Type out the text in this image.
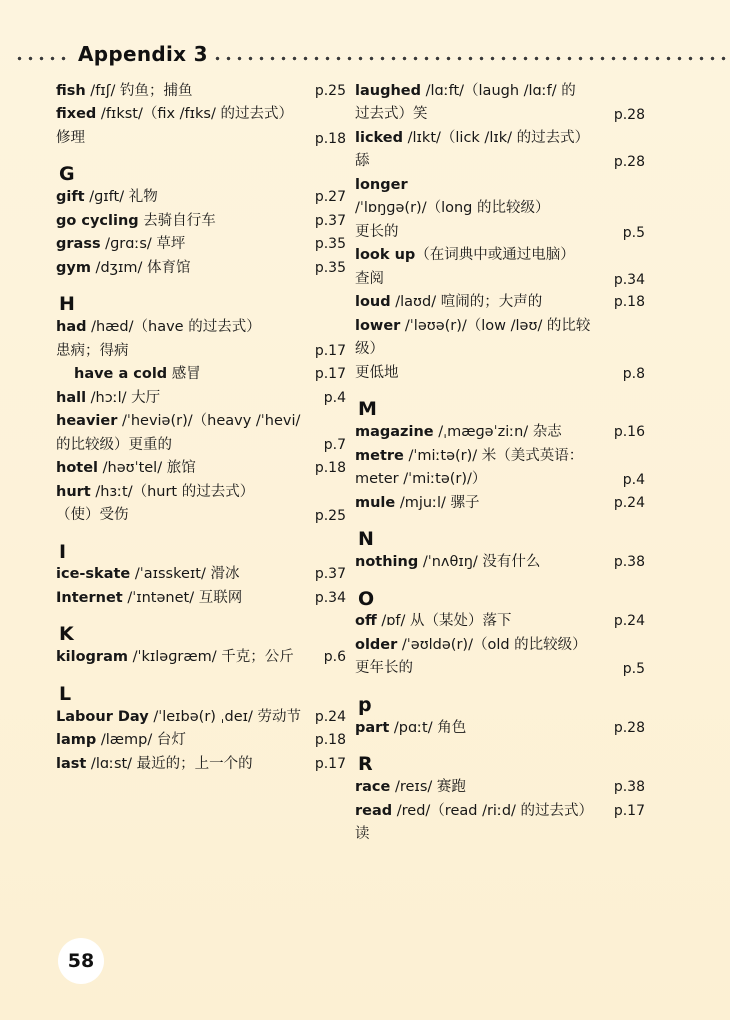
Appendix 3
fish /fɪʃ/ 钓鱼；捕鱼	p.25
fixed /fɪkst/（fix /fɪks/ 的过去式）
修理	p.18
G
gift /ɡɪft/ 礼物	p.27
go cycling 去骑自行车	p.37
grass /ɡrɑːs/ 草坪	p.35
gym /dʒɪm/ 体育馆	p.35
H
had /hæd/（have 的过去式）
患病；得病	p.17
have a cold 感冒	p.17
hall /hɔːl/ 大厅	p.4
heavier /ˈheviə(r)/（heavy /ˈhevi/
的比较级）更重的	p.7
hotel /həʊˈtel/ 旅馆	p.18
hurt /hɜːt/（hurt 的过去式）
（使）受伤	p.25
I
ice-skate /ˈaɪsskeɪt/ 滑冰	p.37
Internet /ˈɪntənet/ 互联网	p.34
K
kilogram /ˈkɪləɡræm/ 千克；公斤	p.6
L
Labour Day /ˈleɪbə(r) ˌdeɪ/ 劳动节 p.24
lamp /læmp/ 台灯	p.18
last /lɑːst/ 最近的；上一个的	p.17
laughed /lɑːft/（laugh /lɑːf/ 的
过去式）笑	p.28
licked /lɪkt/（lick /lɪk/ 的过去式）
舔	p.28
longer /ˈlɒŋɡə(r)/（long 的比较级）
更长的	p.5
look up（在词典中或通过电脑）
查阅	p.34
loud /laʊd/ 喧闹的；大声的	p.18
lower /ˈləʊə(r)/（low /ləʊ/ 的比较级）
更低地	p.8
M
magazine /ˌmæɡəˈziːn/ 杂志	p.16
metre /ˈmiːtə(r)/ 米（美式英语：
meter /ˈmiːtə(r)/）	p.4
mule /mjuːl/ 骡子	p.24
N
nothing /ˈnʌθɪŋ/ 没有什么	p.38
O
off /ɒf/ 从（某处）落下	p.24
older /ˈəʊldə(r)/（old 的比较级）
更年长的	p.5
p
part /pɑːt/ 角色	p.28
R
race /reɪs/ 赛跑	p.38
read /red/（read /riːd/ 的过去式）读
p.17
58
